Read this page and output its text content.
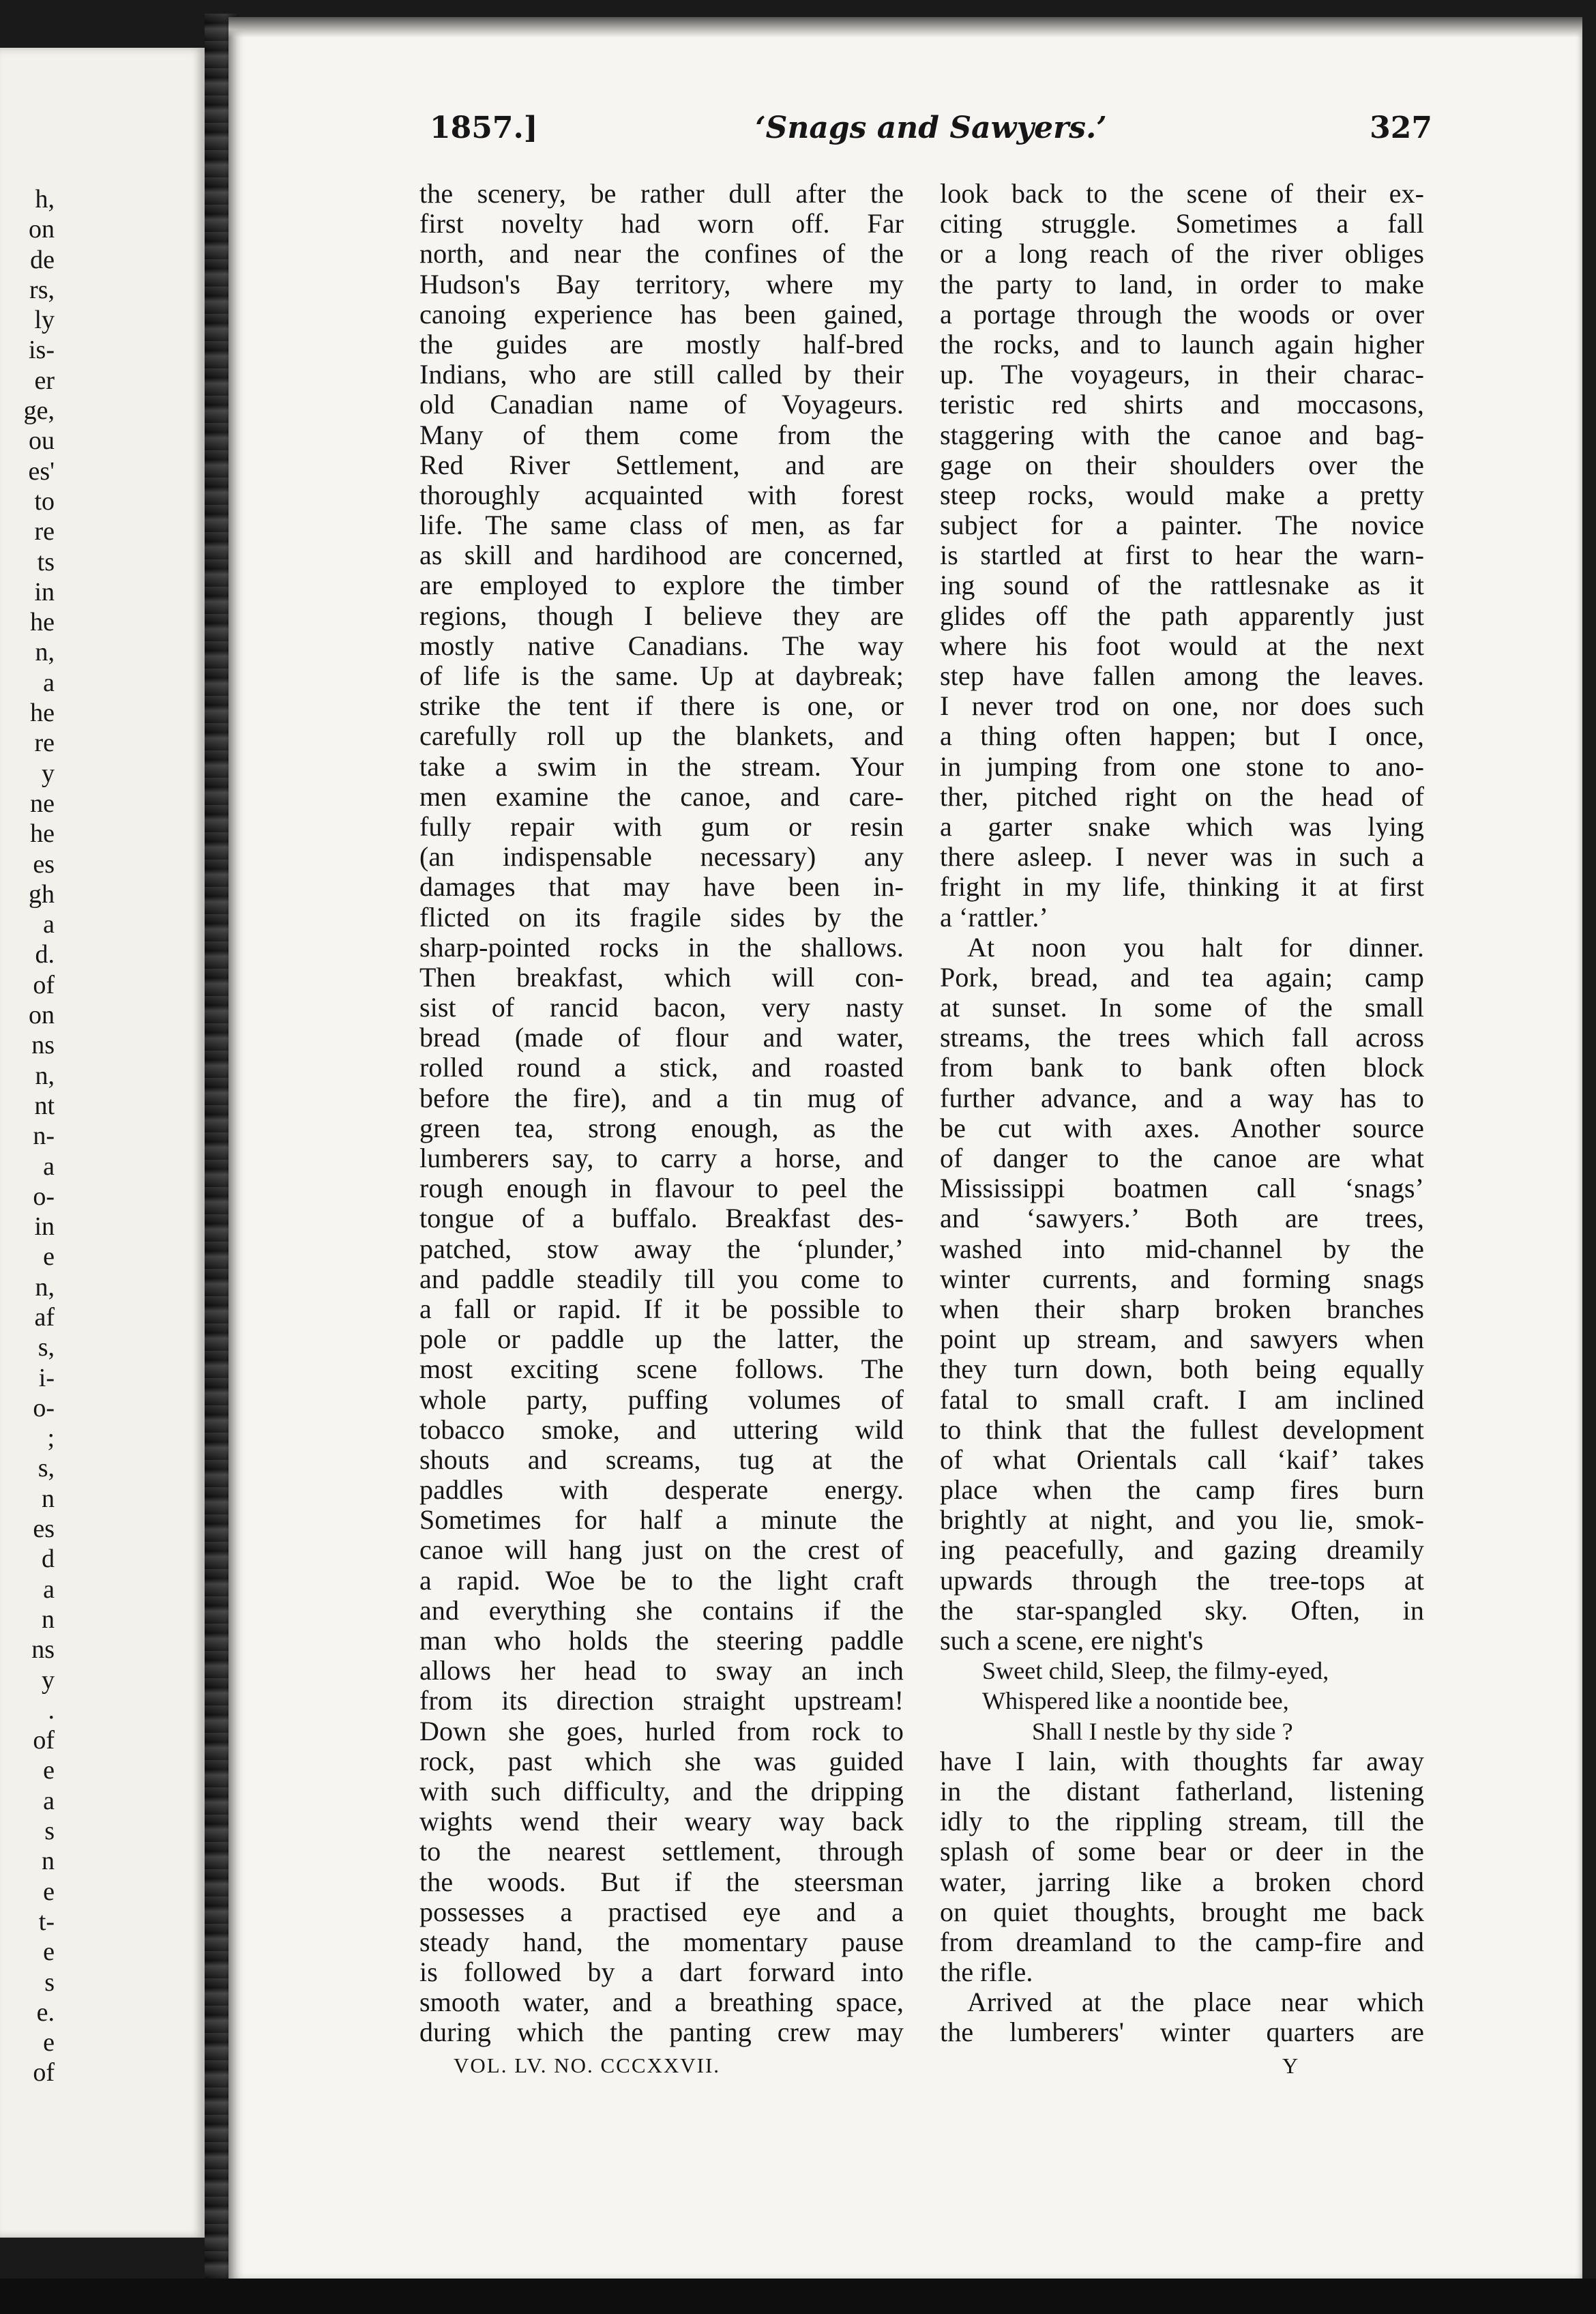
h,
on
de
rs,
ly
is-
er
ge,
ou
es'
to
re
ts
in
he
n,
a
he
re
y
ne
he
es
gh
a
d.
of
on
ns
n,
nt
n-
a
o-
in
e
n,
af
s,
i-
o-
;
s,
n
es
d
a
n
ns
y
.
of
e
a
s
n
e
t-
e
s
e.
e
of
1857.]	‘Snags and Sawyers.’	327
the scenery, be rather dull after the
first novelty had worn off. Far
north, and near the confines of the
Hudson's Bay territory, where my
canoing experience has been gained,
the guides are mostly half-bred
Indians, who are still called by their
old Canadian name of Voyageurs.
Many of them come from the
Red River Settlement, and are
thoroughly acquainted with forest
life. The same class of men, as far
as skill and hardihood are concerned,
are employed to explore the timber
regions, though I believe they are
mostly native Canadians. The way
of life is the same. Up at daybreak;
strike the tent if there is one, or
carefully roll up the blankets, and
take a swim in the stream. Your
men examine the canoe, and care-
fully repair with gum or resin
(an indispensable necessary) any
damages that may have been in-
flicted on its fragile sides by the
sharp-pointed rocks in the shallows.
Then breakfast, which will con-
sist of rancid bacon, very nasty
bread (made of flour and water,
rolled round a stick, and roasted
before the fire), and a tin mug of
green tea, strong enough, as the
lumberers say, to carry a horse, and
rough enough in flavour to peel the
tongue of a buffalo. Breakfast des-
patched, stow away the ‘plunder,’
and paddle steadily till you come to
a fall or rapid. If it be possible to
pole or paddle up the latter, the
most exciting scene follows. The
whole party, puffing volumes of
tobacco smoke, and uttering wild
shouts and screams, tug at the
paddles with desperate energy.
Sometimes for half a minute the
canoe will hang just on the crest of
a rapid. Woe be to the light craft
and everything she contains if the
man who holds the steering paddle
allows her head to sway an inch
from its direction straight upstream!
Down she goes, hurled from rock to
rock, past which she was guided
with such difficulty, and the dripping
wights wend their weary way back
to the nearest settlement, through
the woods. But if the steersman
possesses a practised eye and a
steady hand, the momentary pause
is followed by a dart forward into
smooth water, and a breathing space,
during which the panting crew may
look back to the scene of their ex-
citing struggle. Sometimes a fall
or a long reach of the river obliges
the party to land, in order to make
a portage through the woods or over
the rocks, and to launch again higher
up. The voyageurs, in their charac-
teristic red shirts and moccasons,
staggering with the canoe and bag-
gage on their shoulders over the
steep rocks, would make a pretty
subject for a painter. The novice
is startled at first to hear the warn-
ing sound of the rattlesnake as it
glides off the path apparently just
where his foot would at the next
step have fallen among the leaves.
I never trod on one, nor does such
a thing often happen; but I once,
in jumping from one stone to ano-
ther, pitched right on the head of
a garter snake which was lying
there asleep. I never was in such a
fright in my life, thinking it at first
a ‘rattler.’
At noon you halt for dinner.
Pork, bread, and tea again; camp
at sunset. In some of the small
streams, the trees which fall across
from bank to bank often block
further advance, and a way has to
be cut with axes. Another source
of danger to the canoe are what
Mississippi boatmen call ‘snags’
and ‘sawyers.’ Both are trees,
washed into mid-channel by the
winter currents, and forming snags
when their sharp broken branches
point up stream, and sawyers when
they turn down, both being equally
fatal to small craft. I am inclined
to think that the fullest development
of what Orientals call ‘kaif’ takes
place when the camp fires burn
brightly at night, and you lie, smok-
ing peacefully, and gazing dreamily
upwards through the tree-tops at
the star-spangled sky. Often, in
such a scene, ere night's
Sweet child, Sleep, the filmy-eyed,
Whispered like a noontide bee,
Shall I nestle by thy side ?
have I lain, with thoughts far away
in the distant fatherland, listening
idly to the rippling stream, till the
splash of some bear or deer in the
water, jarring like a broken chord
on quiet thoughts, brought me back
from dreamland to the camp-fire and
the rifle.
Arrived at the place near which
the lumberers' winter quarters are
VOL. LV. NO. CCCXXVII.	Y
